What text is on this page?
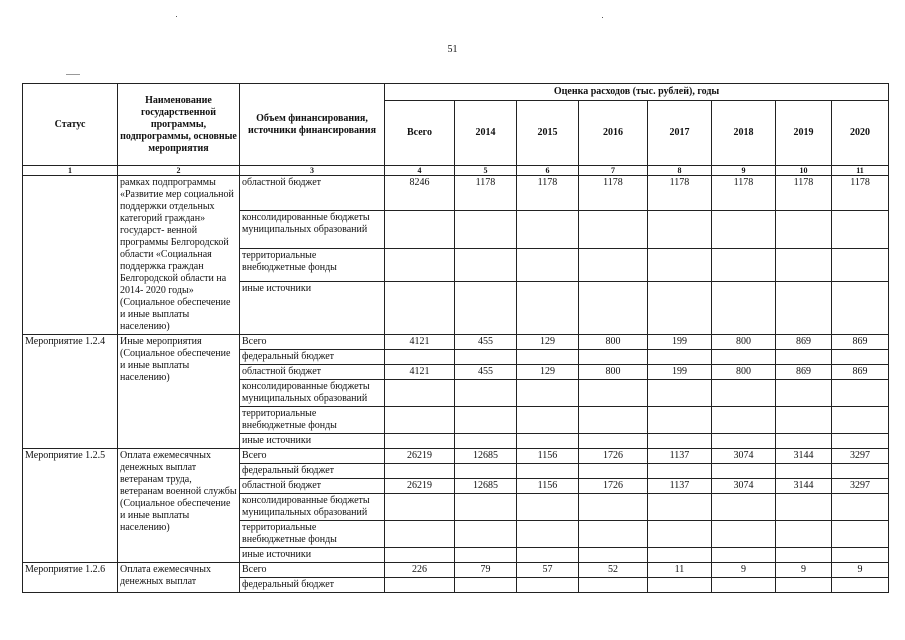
51
Статус	Наименование государственной программы, подпрограммы, основные мероприятия	Объем финансирования, источники финансирования	Оценка расходов (тыс. рублей), годы							
			Всего	2014	2015	2016	2017	2018	2019	2020
1	2	3	4	5	6	7	8	9	10	11
	рамках подпрограммы «Развитие мер социальной поддержки отдельных категорий граждан» государст- венной программы Белгородской области «Социальная поддержка граждан Белгородской области на 2014- 2020 годы» (Социальное обеспечение и иные выплаты населению)	областной бюджет	8246	1178	1178	1178	1178	1178	1178	1178
		консолидированные бюджеты муниципальных образований								
		территориальные внебюджетные фонды								
		иные источники								
Мероприятие 1.2.4	Иные мероприятия (Социальное обеспечение и иные выплаты населению)	Всего	4121	455	129	800	199	800	869	869
		федеральный бюджет								
		областной бюджет	4121	455	129	800	199	800	869	869
		консолидированные бюджеты муниципальных образований								
		территориальные внебюджетные фонды								
		иные источники								
Мероприятие 1.2.5	Оплата ежемесячных денежных выплат ветеранам труда, ветеранам военной службы (Социальное обеспечение и иные выплаты населению)	Всего	26219	12685	1156	1726	1137	3074	3144	3297
		федеральный бюджет								
		областной бюджет	26219	12685	1156	1726	1137	3074	3144	3297
		консолидированные бюджеты муниципальных образований								
		территориальные внебюджетные фонды								
		иные источники								
Мероприятие 1.2.6	Оплата ежемесячных денежных выплат	Всего	226	79	57	52	11	9	9	9
		федеральный бюджет								
